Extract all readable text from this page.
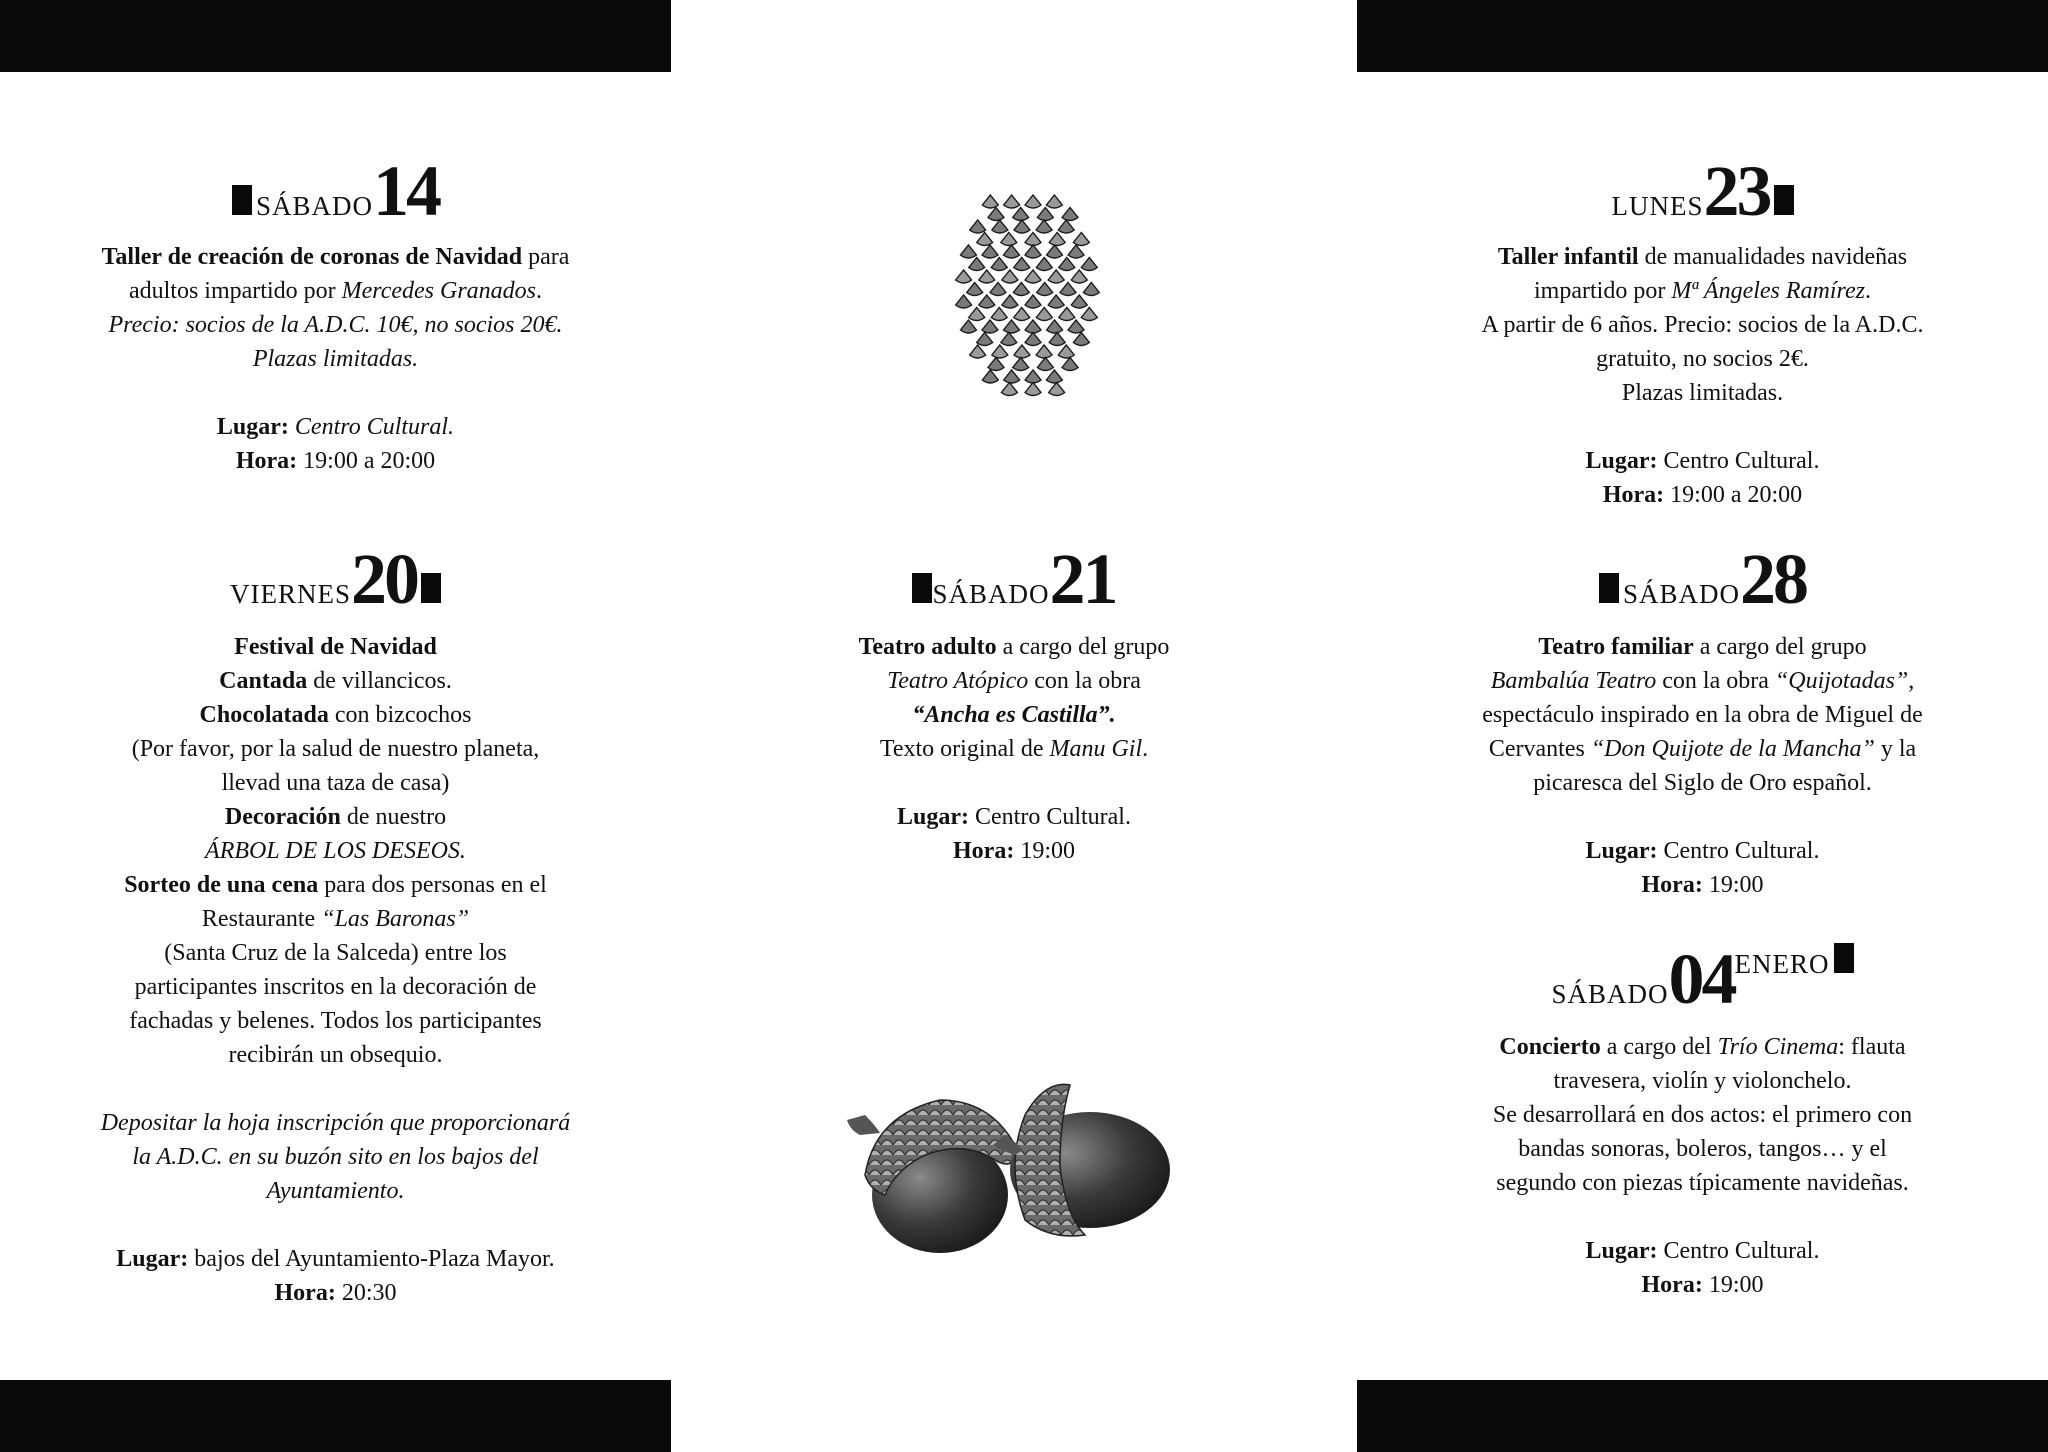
SÁBADO14

Taller de creación de coronas de Navidad para

adultos impartido por Mercedes Granados.

Precio: socios de la A.D.C. 10€, no socios 20€.

Plazas limitadas.

Lugar: Centro Cultural.

Hora: 19:00 a 20:00

VIERNES20

Festival de Navidad

Cantada de villancicos.

Chocolatada con bizcochos

(Por favor, por la salud de nuestro planeta,

llevad una taza de casa)

Decoración de nuestro

ÁRBOL DE LOS DESEOS.

Sorteo de una cena para dos personas en el

Restaurante “Las Baronas”

(Santa Cruz de la Salceda) entre los

participantes inscritos en la decoración de

fachadas y belenes. Todos los participantes

recibirán un obsequio.

Depositar la hoja inscripción que proporcionará

la A.D.C. en su buzón sito en los bajos del

Ayuntamiento.

Lugar: bajos del Ayuntamiento-Plaza Mayor.

Hora: 20:30

SÁBADO21

Teatro adulto a cargo del grupo

Teatro Atópico con la obra

“Ancha es Castilla”.

Texto original de Manu Gil.

Lugar: Centro Cultural.

Hora: 19:00

LUNES23

Taller infantil de manualidades navideñas

impartido por Mª Ángeles Ramírez.

A partir de 6 años. Precio: socios de la A.D.C.

gratuito, no socios 2€.

Plazas limitadas.

Lugar: Centro Cultural.

Hora: 19:00 a 20:00

SÁBADO28

Teatro familiar a cargo del grupo

Bambalúa Teatro con la obra “Quijotadas”,

espectáculo inspirado en la obra de Miguel de

Cervantes “Don Quijote de la Mancha” y la

picaresca del Siglo de Oro español.

Lugar: Centro Cultural.

Hora: 19:00

SÁBADO04ENERO

Concierto a cargo del Trío Cinema: flauta

travesera, violín y violonchelo.

Se desarrollará en dos actos: el primero con

bandas sonoras, boleros, tangos… y el

segundo con piezas típicamente navideñas.

Lugar: Centro Cultural.

Hora: 19:00
